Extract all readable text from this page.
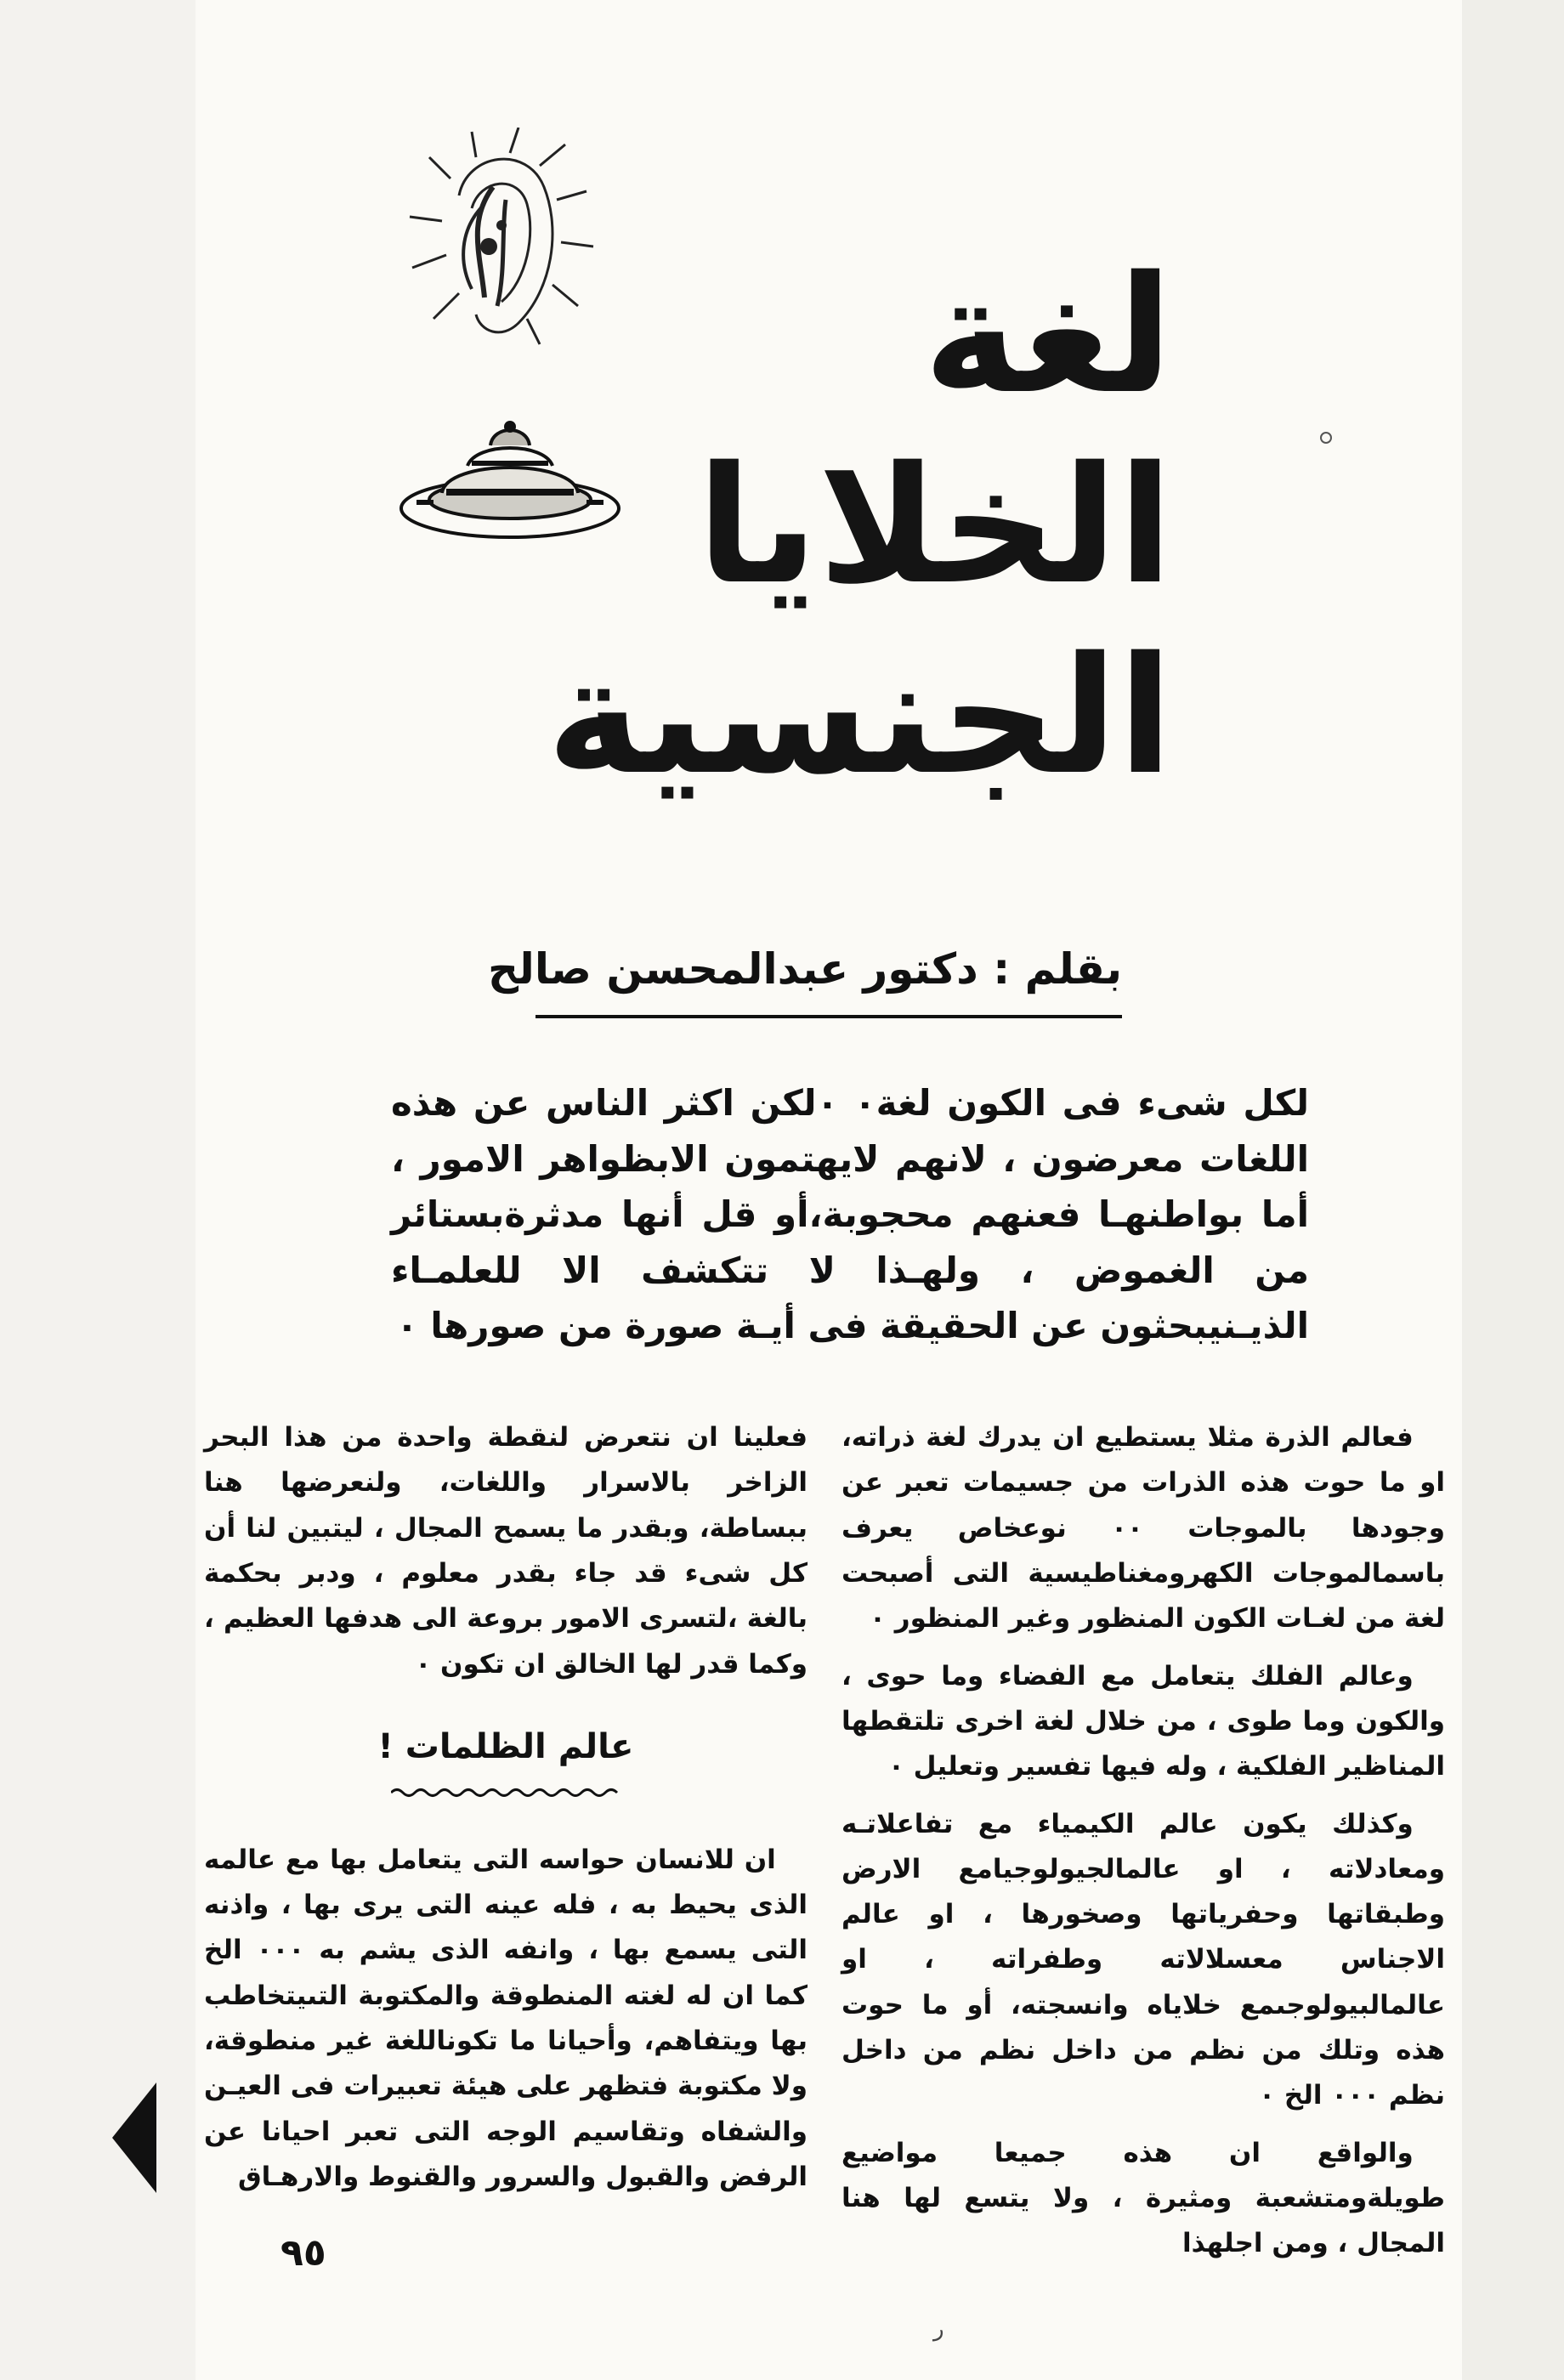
لغة
الخلايا
الجنسية
بقلم : دكتور عبدالمحسن صالح
لكل شىء فى الكون لغة٠ ٠لكن اكثر الناس عن هذه اللغات معرضون ، لانهم لايهتمون الابظواهر الامور ، أما بواطنهـا فعنهم محجوبة،أو قل أنها مدثرةبستائر من الغموض ، ولهـذا لا تتكشف الا للعلمـاء الذيـنيبحثون عن الحقيقة فى أيـة صورة من صورها ٠

فعالم الذرة مثلا يستطيع ان يدرك لغة ذراته، او ما حوت هذه الذرات من جسيمات تعبر عن وجودها بالموجات ٠٠ نوعخاص يعرف باسمالموجات الكهرومغناطيسية التى أصبحت لغة من لغـات الكون المنظور وغير المنظور ٠

وعالم الفلك يتعامل مع الفضاء وما حوى ، والكون وما طوى ، من خلال لغة اخرى تلتقطها المناظير الفلكية ، وله فيها تفسير وتعليل ٠

وكذلك يكون عالم الكيمياء مع تفاعلاتـه ومعادلاته ، او عالمالجيولوجيامع الارض وطبقاتها وحفرياتها وصخورها ، او عالم الاجناس معسلالاته وطفراته ، او عالمالبيولوجىمع خلاياه وانسجته، أو ما حوت هذه وتلك من نظم من داخل نظم من داخل نظم ٠٠٠ الخ ٠

والواقع ان هذه جميعا مواضيع طويلةومتشعبة ومثيرة ، ولا يتسع لها هنا المجال ، ومن اجلهذا

فعلينا ان نتعرض لنقطة واحدة من هذا البحر الزاخر بالاسرار واللغات، ولنعرضها هنا ببساطة، وبقدر ما يسمح المجال ، ليتبين لنا أن كل شىء قد جاء بقدر معلوم ، ودبر بحكمة بالغة ،لتسرى الامور بروعة الى هدفها العظيم ، وكما قدر لها الخالق ان تكون ٠

عالم الظلمات !

ان للانسان حواسه التى يتعامل بها مع عالمه الذى يحيط به ، فله عينه التى يرى بها ، واذنه التى يسمع بها ، وانفه الذى يشم به ٠٠٠ الخ كما ان له لغته المنطوقة والمكتوبة التىيتخاطب بها ويتفاهم، وأحيانا ما تكوناللغة غير منطوقة، ولا مكتوبة فتظهر على هيئة تعبيرات فى العيـن والشفاه وتقاسيم الوجه التى تعبر احيانا عن الرفض والقبول والسرور والقنوط والارهـاق

٩٥
ر
